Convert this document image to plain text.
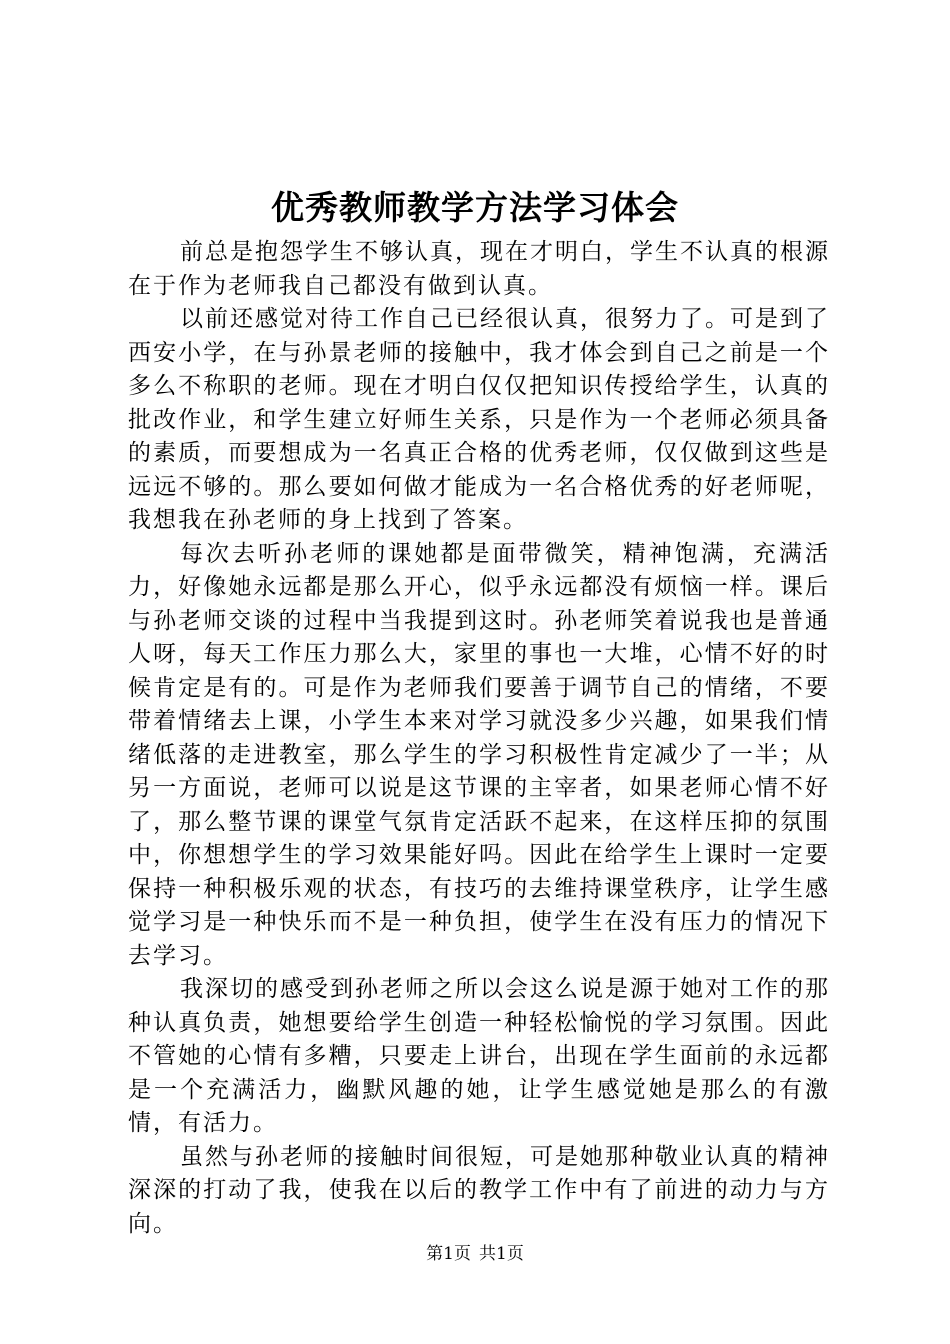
优秀教师教学方法学习体会

前总是抱怨学生不够认真，现在才明白，学生不认真的根源在于作为老师我自己都没有做到认真。

以前还感觉对待工作自己已经很认真，很努力了。可是到了西安小学，在与孙景老师的接触中，我才体会到自己之前是一个多么不称职的老师。现在才明白仅仅把知识传授给学生，认真的批改作业，和学生建立好师生关系，只是作为一个老师必须具备的素质，而要想成为一名真正合格的优秀老师，仅仅做到这些是远远不够的。那么要如何做才能成为一名合格优秀的好老师呢，我想我在孙老师的身上找到了答案。

每次去听孙老师的课她都是面带微笑，精神饱满，充满活力，好像她永远都是那么开心，似乎永远都没有烦恼一样。课后与孙老师交谈的过程中当我提到这时。孙老师笑着说我也是普通人呀，每天工作压力那么大，家里的事也一大堆，心情不好的时候肯定是有的。可是作为老师我们要善于调节自己的情绪，不要带着情绪去上课，小学生本来对学习就没多少兴趣，如果我们情绪低落的走进教室，那么学生的学习积极性肯定减少了一半；从另一方面说，老师可以说是这节课的主宰者，如果老师心情不好了，那么整节课的课堂气氛肯定活跃不起来，在这样压抑的氛围中，你想想学生的学习效果能好吗。因此在给学生上课时一定要保持一种积极乐观的状态，有技巧的去维持课堂秩序，让学生感觉学习是一种快乐而不是一种负担，使学生在没有压力的情况下去学习。

我深切的感受到孙老师之所以会这么说是源于她对工作的那种认真负责，她想要给学生创造一种轻松愉悦的学习氛围。因此不管她的心情有多糟，只要走上讲台，出现在学生面前的永远都是一个充满活力，幽默风趣的她，让学生感觉她是那么的有激情，有活力。

虽然与孙老师的接触时间很短，可是她那种敬业认真的精神深深的打动了我，使我在以后的教学工作中有了前进的动力与方向。

第1页 共1页
